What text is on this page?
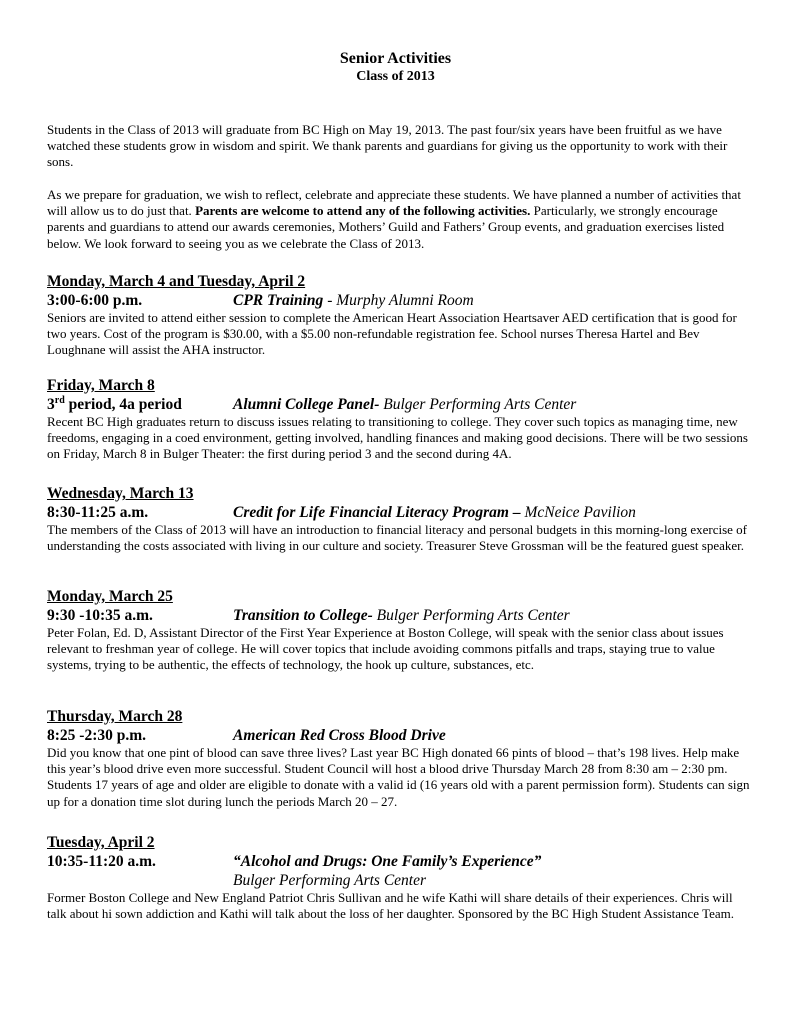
Senior Activities
Class of 2013

Students in the Class of 2013 will graduate from BC High on May 19, 2013. The past four/six years have been fruitful as we have watched these students grow in wisdom and spirit. We thank parents and guardians for giving us the opportunity to work with their sons.

As we prepare for graduation, we wish to reflect, celebrate and appreciate these students. We have planned a number of activities that will allow us to do just that. Parents are welcome to attend any of the following activities. Particularly, we strongly encourage parents and guardians to attend our awards ceremonies, Mothers’ Guild and Fathers’ Group events, and graduation exercises listed below. We look forward to seeing you as we celebrate the Class of 2013.

Monday, March 4 and Tuesday, April 2
3:00-6:00 p.m.	CPR Training - Murphy Alumni Room

Seniors are invited to attend either session to complete the American Heart Association Heartsaver AED certification that is good for two years. Cost of the program is $30.00, with a $5.00 non-refundable registration fee. School nurses Theresa Hartel and Bev Loughnane will assist the AHA instructor.

Friday, March 8
3rd period, 4a period	Alumni College Panel- Bulger Performing Arts Center

Recent BC High graduates return to discuss issues relating to transitioning to college. They cover such topics as managing time, new freedoms, engaging in a coed environment, getting involved, handling finances and making good decisions. There will be two sessions on Friday, March 8 in Bulger Theater: the first during period 3 and the second during 4A.

Wednesday, March 13
8:30-11:25 a.m.	Credit for Life Financial Literacy Program – McNeice Pavilion

The members of the Class of 2013 will have an introduction to financial literacy and personal budgets in this morning-long exercise of understanding the costs associated with living in our culture and society. Treasurer Steve Grossman will be the featured guest speaker.

Monday, March 25
9:30 -10:35 a.m.	Transition to College- Bulger Performing Arts Center

Peter Folan, Ed. D, Assistant Director of the First Year Experience at Boston College, will speak with the senior class about issues relevant to freshman year of college. He will cover topics that include avoiding commons pitfalls and traps, staying true to value systems, trying to be authentic, the effects of technology, the hook up culture, substances, etc.

Thursday, March 28
8:25 -2:30 p.m.	American Red Cross Blood Drive

Did you know that one pint of blood can save three lives? Last year BC High donated 66 pints of blood – that’s 198 lives. Help make this year’s blood drive even more successful. Student Council will host a blood drive Thursday March 28 from 8:30 am – 2:30 pm. Students 17 years of age and older are eligible to donate with a valid id (16 years old with a parent permission form). Students can sign up for a donation time slot during lunch the periods March 20 – 27.

Tuesday, April 2
10:35-11:20 a.m.	“Alcohol and Drugs: One Family’s Experience”
Bulger Performing Arts Center

Former Boston College and New England Patriot Chris Sullivan and he wife Kathi will share details of their experiences. Chris will talk about hi sown addiction and Kathi will talk about the loss of her daughter. Sponsored by the BC High Student Assistance Team.
